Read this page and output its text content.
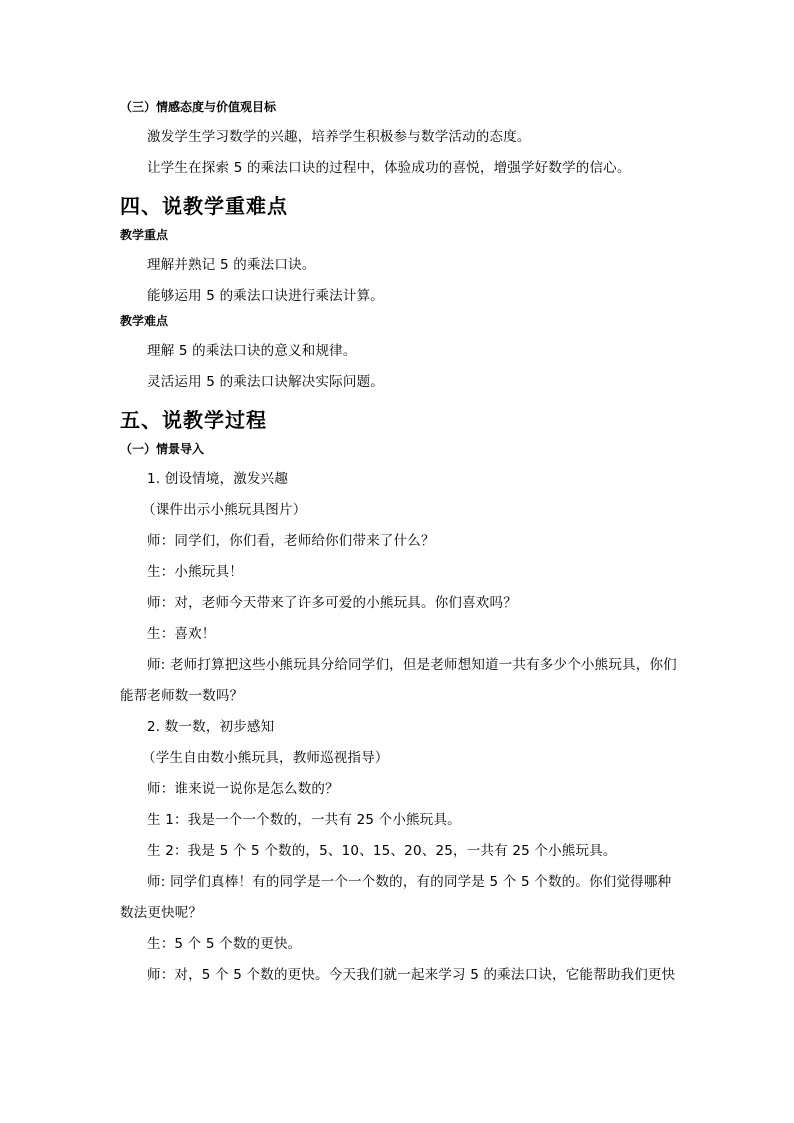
（三）情感态度与价值观目标
激发学生学习数学的兴趣，培养学生积极参与数学活动的态度。
让学生在探索 5 的乘法口诀的过程中，体验成功的喜悦，增强学好数学的信心。
四、说教学重难点
教学重点
理解并熟记 5 的乘法口诀。
能够运用 5 的乘法口诀进行乘法计算。
教学难点
理解 5 的乘法口诀的意义和规律。
灵活运用 5 的乘法口诀解决实际问题。
五、说教学过程
（一）情景导入
1. 创设情境，激发兴趣
（课件出示小熊玩具图片）
师：同学们，你们看，老师给你们带来了什么？
生：小熊玩具！
师：对，老师今天带来了许多可爱的小熊玩具。你们喜欢吗？
生：喜欢！
师: 老师打算把这些小熊玩具分给同学们，但是老师想知道一共有多少个小熊玩具，你们能帮老师数一数吗？
2. 数一数，初步感知
（学生自由数小熊玩具，教师巡视指导）
师：谁来说一说你是怎么数的？
生 1：我是一个一个数的，一共有 25 个小熊玩具。
生 2：我是 5 个 5 个数的，5、10、15、20、25，一共有 25 个小熊玩具。
师: 同学们真棒！有的同学是一个一个数的，有的同学是 5 个 5 个数的。你们觉得哪种数法更快呢？
生：5 个 5 个数的更快。
师：对，5 个 5 个数的更快。今天我们就一起来学习 5 的乘法口诀，它能帮助我们更快
